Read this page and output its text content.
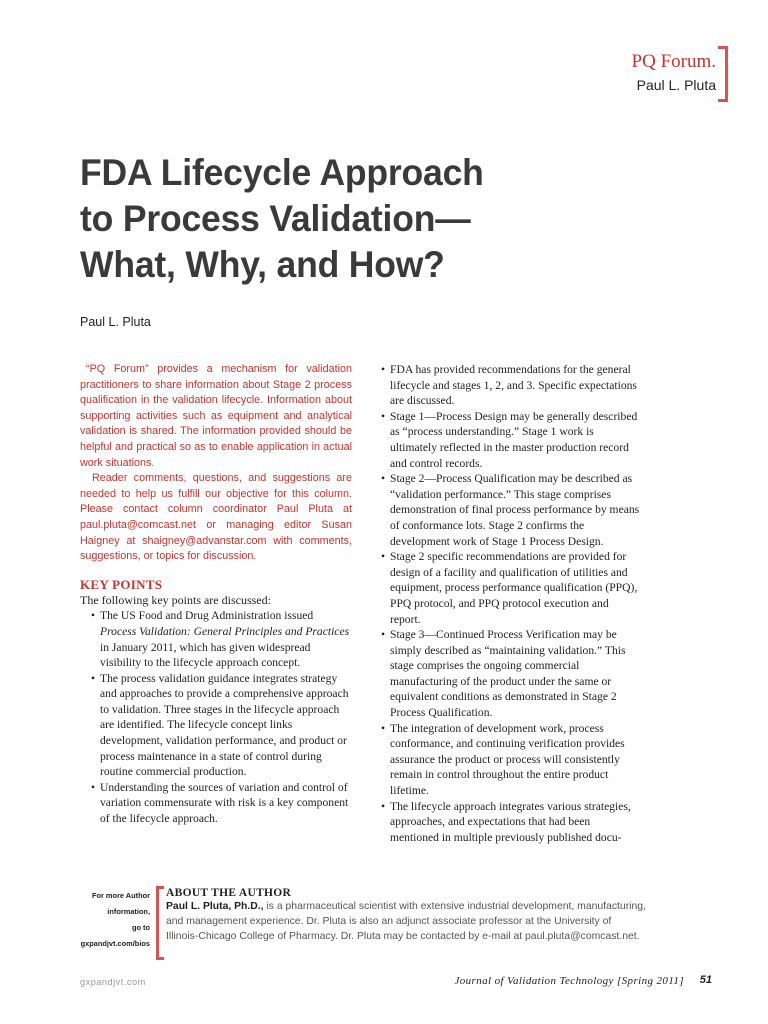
PQ Forum.
Paul L. Pluta
FDA Lifecycle Approach
to Process Validation—
What, Why, and How?
Paul L. Pluta

“PQ Forum” provides a mechanism for validation practitioners to share information about Stage 2 process qualification in the validation lifecycle. Information about supporting activities such as equipment and analytical validation is shared. The information provided should be helpful and practical so as to enable application in actual work situations.

Reader comments, questions, and suggestions are needed to help us fulfill our objective for this column. Please contact column coordinator Paul Pluta at paul.pluta@comcast.net or managing editor Susan Haigney at shaigney@advanstar.com with comments, suggestions, or topics for discussion.

KEY POINTS
The following key points are discussed:
• The US Food and Drug Administration issued Process Validation: General Principles and Practices in January 2011, which has given widespread visibility to the lifecycle approach concept.
• The process validation guidance integrates strategy and approaches to provide a comprehensive approach to validation. Three stages in the lifecycle approach are identified. The lifecycle concept links development, validation performance, and product or process maintenance in a state of control during routine commercial production.
• Understanding the sources of variation and control of variation commensurate with risk is a key component of the lifecycle approach.
• FDA has provided recommendations for the general lifecycle and stages 1, 2, and 3. Specific expectations are discussed.
• Stage 1—Process Design may be generally described as “process understanding.” Stage 1 work is ultimately reflected in the master production record and control records.
• Stage 2—Process Qualification may be described as “validation performance.” This stage comprises demonstration of final process performance by means of conformance lots. Stage 2 confirms the development work of Stage 1 Process Design.
• Stage 2 specific recommendations are provided for design of a facility and qualification of utilities and equipment, process performance qualification (PPQ), PPQ protocol, and PPQ protocol execution and report.
• Stage 3—Continued Process Verification may be simply described as “maintaining validation.” This stage comprises the ongoing commercial manufacturing of the product under the same or equivalent conditions as demonstrated in Stage 2 Process Qualification.
• The integration of development work, process conformance, and continuing verification provides assurance the product or process will consistently remain in control throughout the entire product lifetime.
• The lifecycle approach integrates various strategies, approaches, and expectations that had been mentioned in multiple previously published docu-
For more Author
information,
go to
gxpandjvt.com/bios
ABOUT THE AUTHOR
Paul L. Pluta, Ph.D., is a pharmaceutical scientist with extensive industrial development, manufacturing, and management experience. Dr. Pluta is also an adjunct associate professor at the University of Illinois-Chicago College of Pharmacy. Dr. Pluta may be contacted by e-mail at paul.pluta@comcast.net.
gxpandjvt.com	Journal of Validation Technology [Spring 2011] 51
